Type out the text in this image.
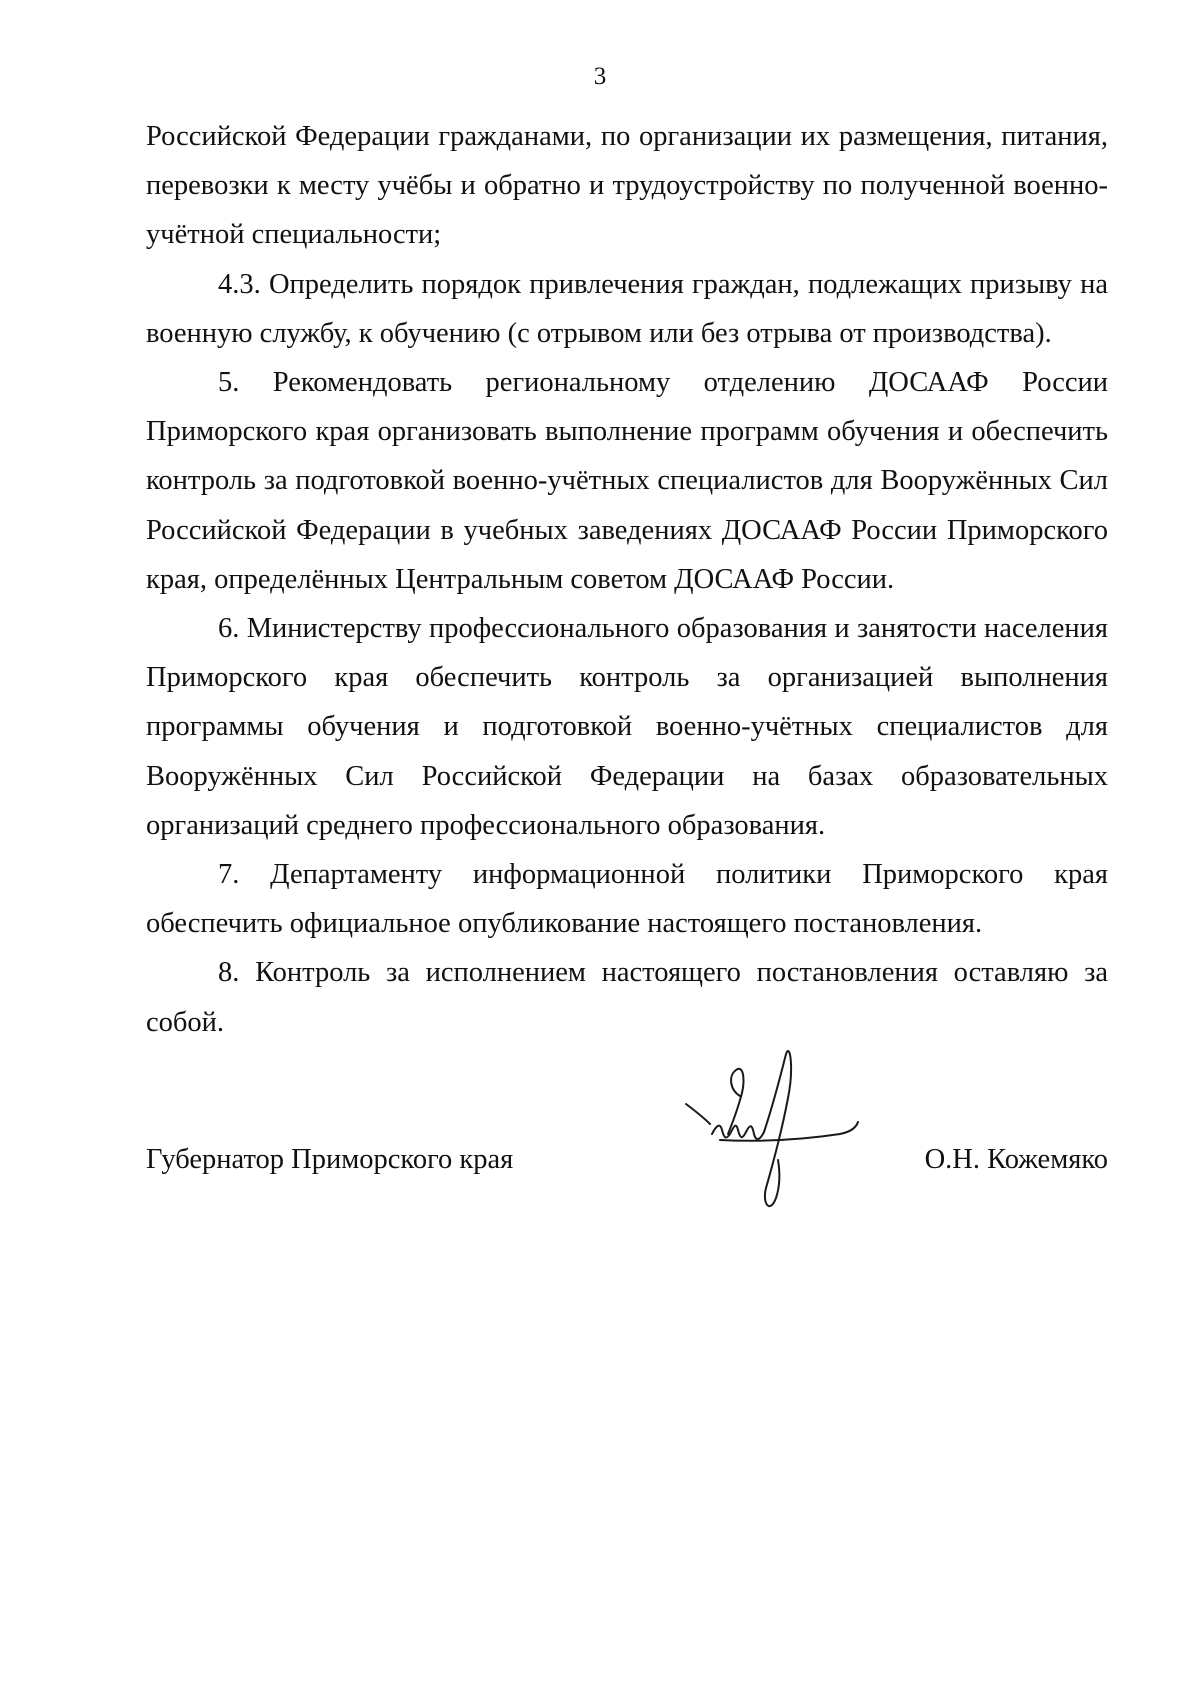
3

Российской Федерации гражданами, по организации их размещения, питания, перевозки к месту учёбы и обратно и трудоустройству по полученной военно-учётной специальности;

4.3. Определить порядок привлечения граждан, подлежащих призыву на военную службу, к обучению (с отрывом или без отрыва от производства).

5. Рекомендовать региональному отделению ДОСААФ России Приморского края организовать выполнение программ обучения и обеспечить контроль за подготовкой военно-учётных специалистов для Вооружённых Сил Российской Федерации в учебных заведениях ДОСААФ России Приморского края, определённых Центральным советом ДОСААФ России.

6. Министерству профессионального образования и занятости населения Приморского края обеспечить контроль за организацией выполнения программы обучения и подготовкой военно-учётных специалистов для Вооружённых Сил Российской Федерации на базах образовательных организаций среднего профессионального образования.

7. Департаменту информационной политики Приморского края обеспечить официальное опубликование настоящего постановления.

8. Контроль за исполнением настоящего постановления оставляю за собой.

Губернатор Приморского края	О.Н. Кожемяко
